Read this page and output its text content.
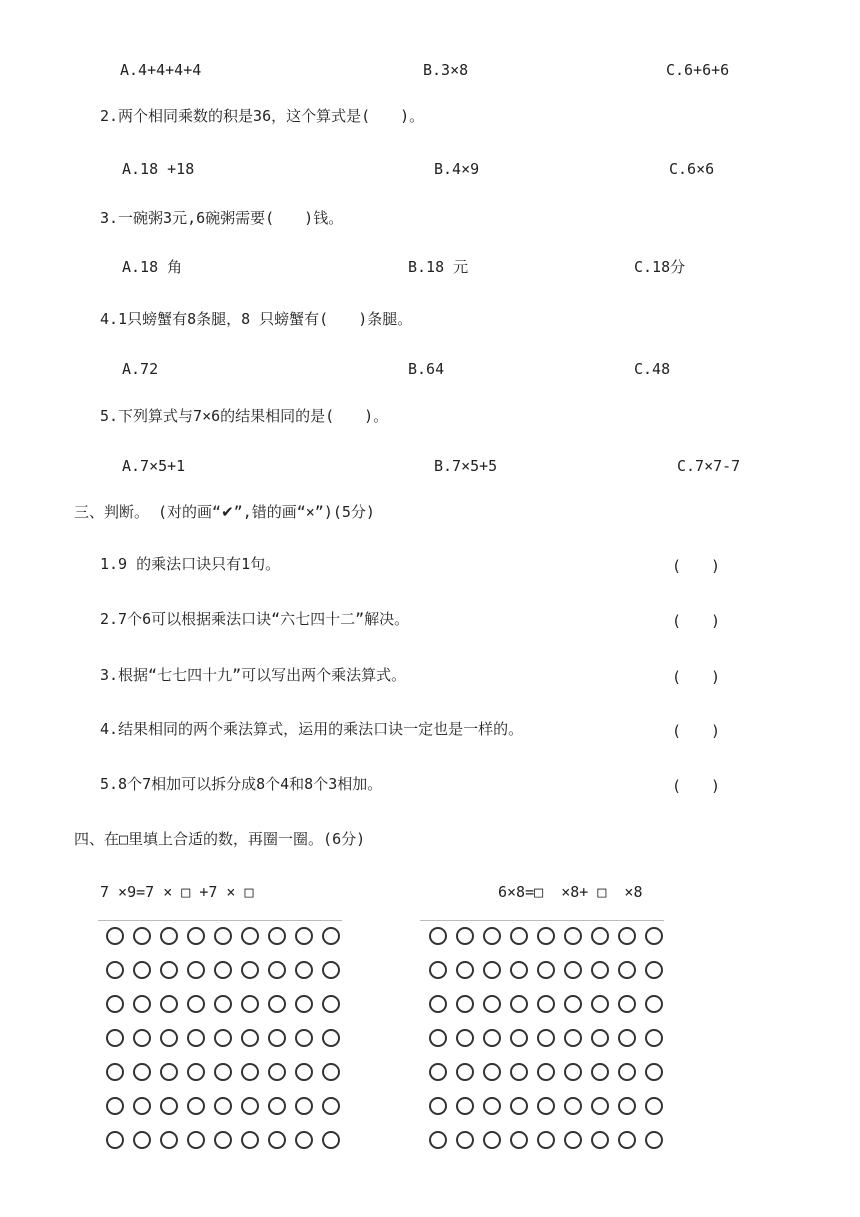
A.4+4+4+4	B.3×8	C.6+6+6
2.两个相同乘数的积是36，这个算式是(　　)。
A.18 +18	B.4×9	C.6×6
3.一碗粥3元,6碗粥需要(　　)钱。
A.18 角	B.18 元	C.18分
4.1只螃蟹有8条腿，8 只螃蟹有(　　)条腿。
A.72	B.64	C.48
5.下列算式与7×6的结果相同的是(　　)。
A.7×5+1	B.7×5+5	C.7×7-7
三、判断。 (对的画“✔”,错的画“×”)(5分)
1.9 的乘法口诀只有1句。	(　　)
2.7个6可以根据乘法口诀“六七四十二”解决。	(　　)
3.根据“七七四十九”可以写出两个乘法算式。	(　　)
4.结果相同的两个乘法算式，运用的乘法口诀一定也是一样的。	(　　)
5.8个7相加可以拆分成8个4和8个3相加。	(　　)
四、在□里填上合适的数，再圈一圈。(6分)
7 ×9=7 × □ +7 × □	6×8=□  ×8+ □  ×8
